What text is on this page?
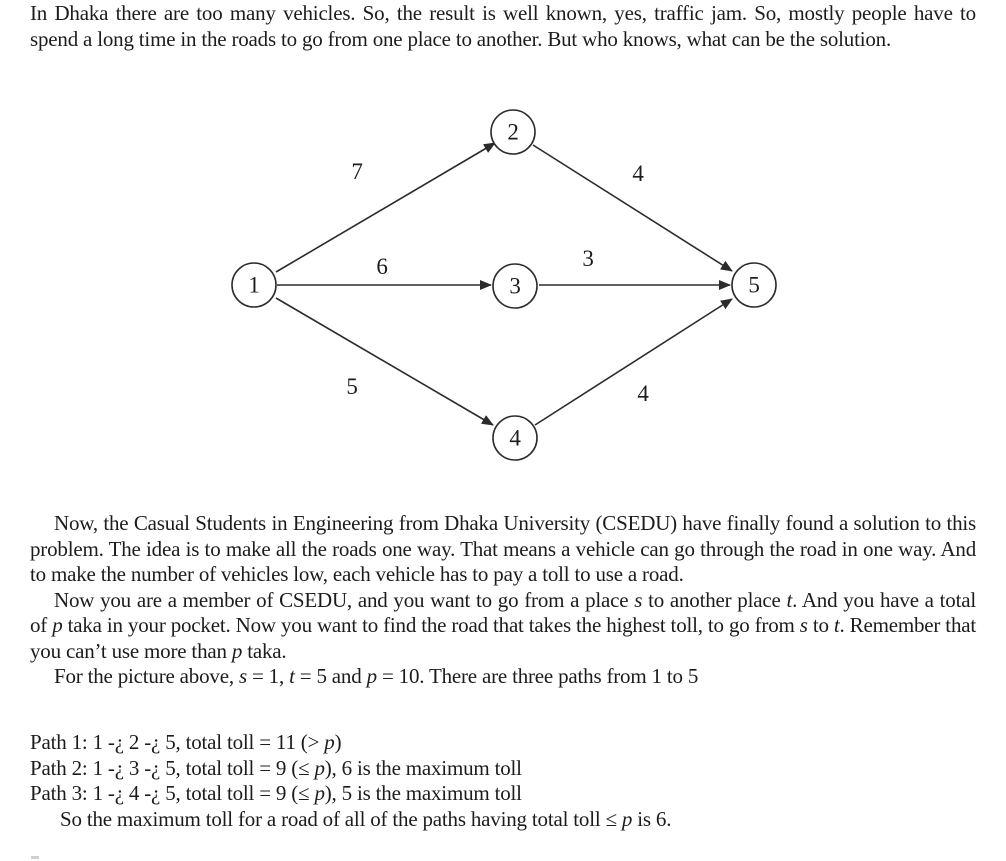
In Dhaka there are too many vehicles. So, the result is well known, yes, traffic jam. So, mostly people have to spend a long time in the roads to go from one place to another. But who knows, what can be the solution.

7
6
5
4
3
4
1
2
3
4
5

Now, the Casual Students in Engineering from Dhaka University (CSEDU) have finally found a solution to this problem. The idea is to make all the roads one way. That means a vehicle can go through the road in one way. And to make the number of vehicles low, each vehicle has to pay a toll to use a road.

Now you are a member of CSEDU, and you want to go from a place s to another place t. And you have a total of p taka in your pocket. Now you want to find the road that takes the highest toll, to go from s to t. Remember that you can’t use more than p taka.

For the picture above, s = 1, t = 5 and p = 10. There are three paths from 1 to 5

Path 1: 1 -¿ 2 -¿ 5, total toll = 11 (> p)

Path 2: 1 -¿ 3 -¿ 5, total toll = 9 (≤ p), 6 is the maximum toll

Path 3: 1 -¿ 4 -¿ 5, total toll = 9 (≤ p), 5 is the maximum toll

So the maximum toll for a road of all of the paths having total toll ≤ p is 6.
